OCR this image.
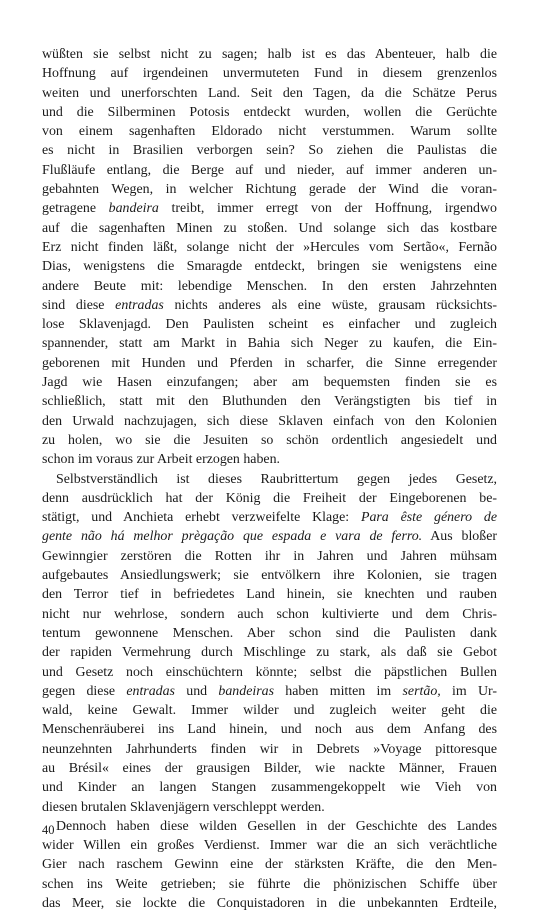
wüßten sie selbst nicht zu sagen; halb ist es das Abenteuer, halb die
Hoffnung auf irgendeinen unvermuteten Fund in diesem grenzenlos
weiten und unerforschten Land. Seit den Tagen, da die Schätze Perus
und die Silberminen Potosis entdeckt wurden, wollen die Gerüchte
von einem sagenhaften Eldorado nicht verstummen. Warum sollte
es nicht in Brasilien verborgen sein? So ziehen die Paulistas die
Flußläufe entlang, die Berge auf und nieder, auf immer anderen un-
gebahnten Wegen, in welcher Richtung gerade der Wind die voran-
getragene bandeira treibt, immer erregt von der Hoffnung, irgendwo
auf die sagenhaften Minen zu stoßen. Und solange sich das kostbare
Erz nicht finden läßt, solange nicht der »Hercules vom Sertão«, Fernão
Dias, wenigstens die Smaragde entdeckt, bringen sie wenigstens eine
andere Beute mit: lebendige Menschen. In den ersten Jahrzehnten
sind diese entradas nichts anderes als eine wüste, grausam rücksichts-
lose Sklavenjagd. Den Paulisten scheint es einfacher und zugleich
spannender, statt am Markt in Bahia sich Neger zu kaufen, die Ein-
geborenen mit Hunden und Pferden in scharfer, die Sinne erregender
Jagd wie Hasen einzufangen; aber am bequemsten finden sie es
schließlich, statt mit den Bluthunden den Verängstigten bis tief in
den Urwald nachzujagen, sich diese Sklaven einfach von den Kolonien
zu holen, wo sie die Jesuiten so schön ordentlich angesiedelt und
schon im voraus zur Arbeit erzogen haben.
Selbstverständlich ist dieses Raubrittertum gegen jedes Gesetz,
denn ausdrücklich hat der König die Freiheit der Eingeborenen be-
stätigt, und Anchieta erhebt verzweifelte Klage: Para êste género de
gente não há melhor prègação que espada e vara de ferro. Aus bloßer
Gewinngier zerstören die Rotten ihr in Jahren und Jahren mühsam
aufgebautes Ansiedlungswerk; sie entvölkern ihre Kolonien, sie tragen
den Terror tief in befriedetes Land hinein, sie knechten und rauben
nicht nur wehrlose, sondern auch schon kultivierte und dem Chris-
tentum gewonnene Menschen. Aber schon sind die Paulisten dank
der rapiden Vermehrung durch Mischlinge zu stark, als daß sie Gebot
und Gesetz noch einschüchtern könnte; selbst die päpstlichen Bullen
gegen diese entradas und bandeiras haben mitten im sertão, im Ur-
wald, keine Gewalt. Immer wilder und zugleich weiter geht die
Menschenräuberei ins Land hinein, und noch aus dem Anfang des
neunzehnten Jahrhunderts finden wir in Debrets »Voyage pittoresque
au Brésil« eines der grausigen Bilder, wie nackte Männer, Frauen
und Kinder an langen Stangen zusammengekoppelt wie Vieh von
diesen brutalen Sklavenjägern verschleppt werden.
Dennoch haben diese wilden Gesellen in der Geschichte des Landes
wider Willen ein großes Verdienst. Immer war die an sich verächtliche
Gier nach raschem Gewinn eine der stärksten Kräfte, die den Men-
schen ins Weite getrieben; sie führte die phönizischen Schiffe über
das Meer, sie lockte die Conquistadoren in die unbekannten Erdteile,
40
